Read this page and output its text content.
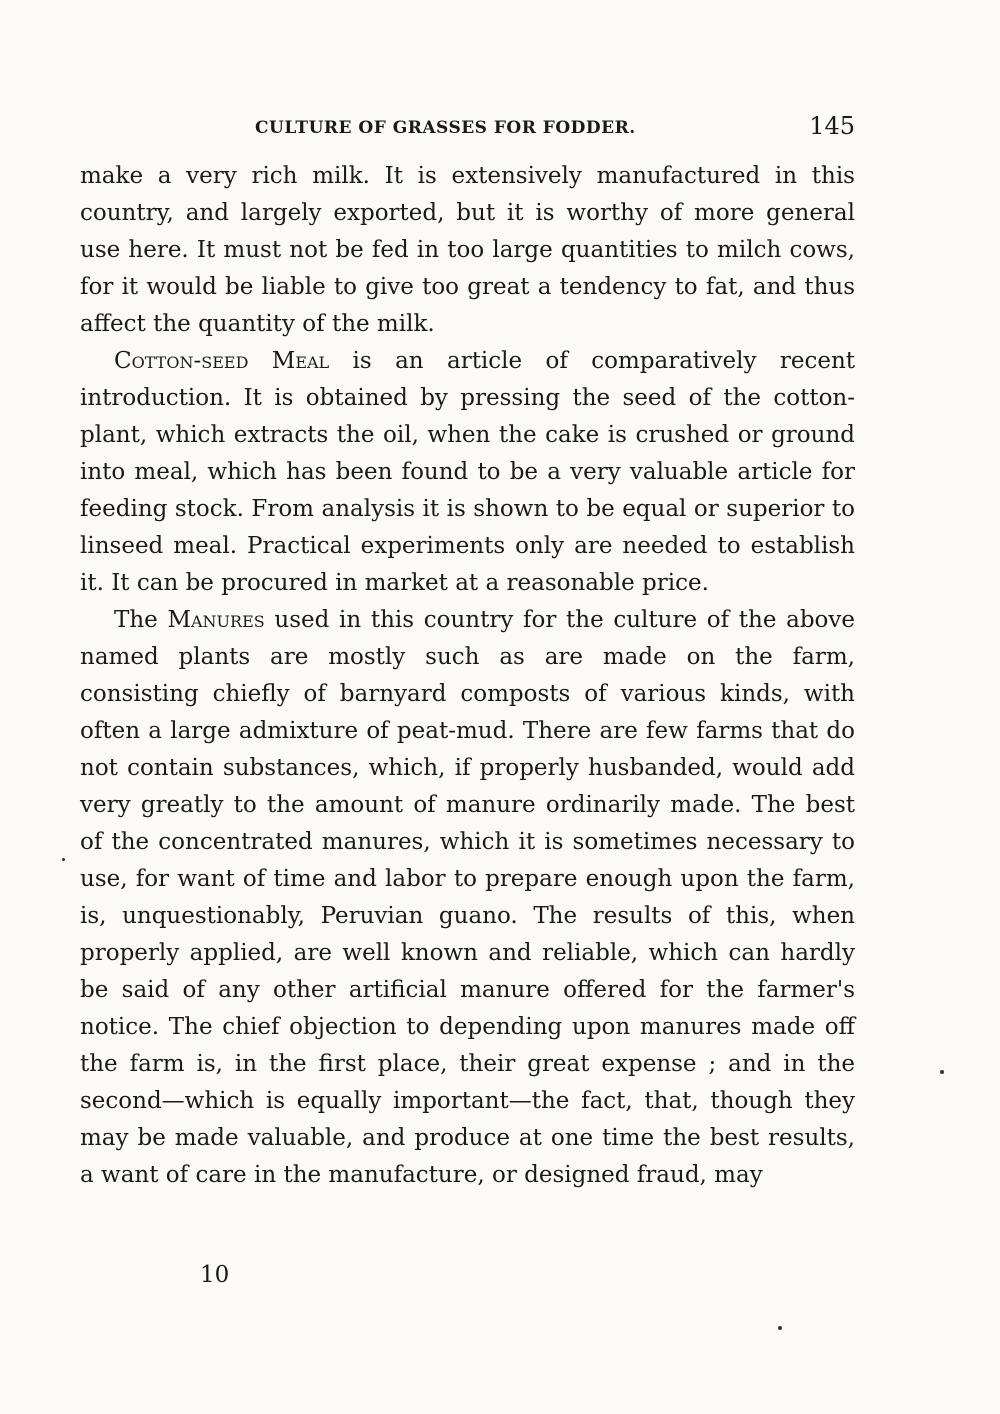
CULTURE OF GRASSES FOR FODDER.	145

make a very rich milk. It is extensively manufactured in this country, and largely exported, but it is worthy of more general use here. It must not be fed in too large quantities to milch cows, for it would be liable to give too great a tendency to fat, and thus affect the quantity of the milk.

Cotton-seed Meal is an article of comparatively recent introduction. It is obtained by pressing the seed of the cotton-plant, which extracts the oil, when the cake is crushed or ground into meal, which has been found to be a very valuable article for feeding stock. From analysis it is shown to be equal or superior to linseed meal. Practical experiments only are needed to establish it. It can be procured in market at a reasonable price.

The Manures used in this country for the culture of the above named plants are mostly such as are made on the farm, consisting chiefly of barnyard composts of various kinds, with often a large admixture of peat-mud. There are few farms that do not contain substances, which, if properly husbanded, would add very greatly to the amount of manure ordinarily made. The best of the concentrated manures, which it is sometimes necessary to use, for want of time and labor to prepare enough upon the farm, is, unquestionably, Peruvian guano. The results of this, when properly applied, are well known and reliable, which can hardly be said of any other artificial manure offered for the farmer's notice. The chief objection to depending upon manures made off the farm is, in the first place, their great expense ; and in the second—which is equally important—the fact, that, though they may be made valuable, and produce at one time the best results, a want of care in the manufacture, or designed fraud, may

10
